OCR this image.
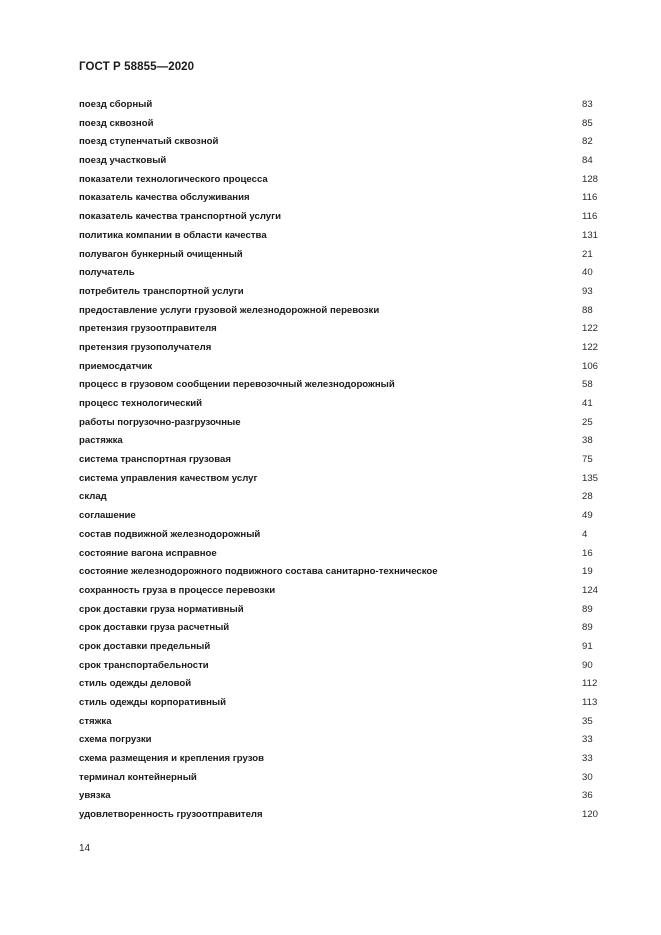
ГОСТ Р 58855—2020
поезд сборный	83
поезд сквозной	85
поезд ступенчатый сквозной	82
поезд участковый	84
показатели технологического процесса	128
показатель качества обслуживания	116
показатель качества транспортной услуги	116
политика компании в области качества	131
полувагон бункерный очищенный	21
получатель	40
потребитель транспортной услуги	93
предоставление услуги грузовой железнодорожной перевозки	88
претензия грузоотправителя	122
претензия грузополучателя	122
приемосдатчик	106
процесс в грузовом сообщении перевозочный железнодорожный	58
процесс технологический	41
работы погрузочно-разгрузочные	25
растяжка	38
система транспортная грузовая	75
система управления качеством услуг	135
склад	28
соглашение	49
состав подвижной железнодорожный	4
состояние вагона исправное	16
состояние железнодорожного подвижного состава санитарно-техническое	19
сохранность груза в процессе перевозки	124
срок доставки груза нормативный	89
срок доставки груза расчетный	89
срок доставки предельный	91
срок транспортабельности	90
стиль одежды деловой	112
стиль одежды корпоративный	113
стяжка	35
схема погрузки	33
схема размещения и крепления грузов	33
терминал контейнерный	30
увязка	36
удовлетворенность грузоотправителя	120
14
